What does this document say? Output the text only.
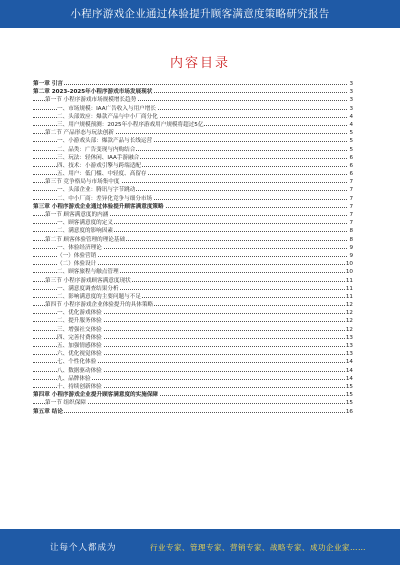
小程序游戏企业通过体验提升顾客满意度策略研究报告
内容目录
第一章 引言	3
第二章 2023-2025年小程序游戏市场发展现状	3
第一节 小程序游戏市场规模增长趋势	3
一、市场规模：IAA广告收入与用户增长	3
二、头部效应：爆款产品与中小厂商分化	4
三、用户规模预测：2025年小程序游戏用户规模将超过5亿	4
第二节 产品形态与玩法创新	5
一、小游戏头部：爆款产品与长线运营	5
二、品类：广告变现与内购结合	5
三、玩法：轻休闲、IAA手游融合	6
四、技术：小游戏引擎与跨端适配	6
五、用户：低门槛、中轻度、高留存	6
第三节 竞争格局与市场集中度	7
一、头部企业：腾讯与字节跳动	7
二、中小厂商：差异化竞争与细分市场	7
第三章 小程序游戏企业通过体验提升顾客满意度策略	7
第一节 顾客满意度的内涵	7
一、顾客满意度的定义	7
二、满意度的影响因素	8
第二节 顾客体验管理的理论基础	8
一、体验经济理论	9
（一）体验营销	9
（二）体验设计	10
二、顾客旅程与触点管理	10
第三节 小程序游戏顾客满意度现状	11
一、满意度调查结果分析	11
二、影响满意度的主要问题与不足	11
第四节 小程序游戏企业体验提升的具体策略	12
一、优化游戏体验	12
二、提升服务体验	12
三、增强社交体验	12
四、完善付费体验	13
五、加强情感体验	13
六、优化视觉体验	13
七、个性化体验	14
八、数据驱动体验	14
九、品牌体验	14
十、持续创新体验	15
第四章 小程序游戏企业提升顾客满意度的实施保障	15
第一节 组织保障	15
第五章 结论	16
让每个人都成为	行业专家、管理专家、营销专家、战略专家、成功企业家……
